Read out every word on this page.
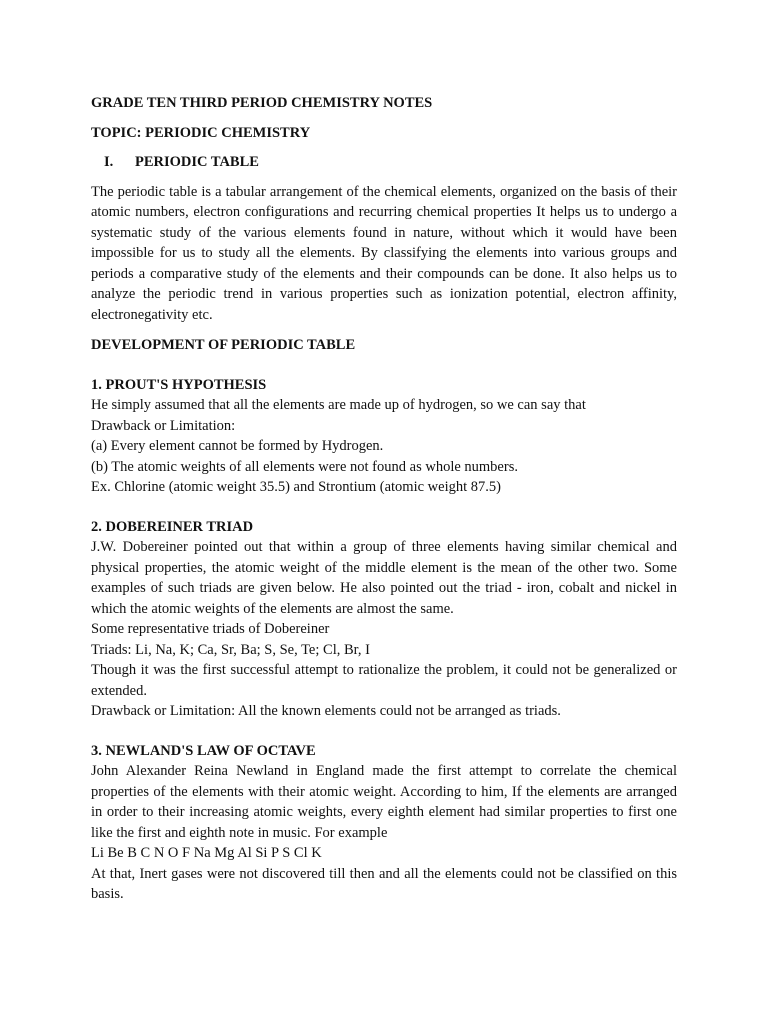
GRADE TEN THIRD PERIOD CHEMISTRY NOTES

TOPIC: PERIODIC CHEMISTRY

I.	PERIODIC TABLE

The periodic table is a tabular arrangement of the chemical elements, organized on the basis of their atomic numbers, electron configurations and recurring chemical properties It helps us to undergo a systematic study of the various elements found in nature, without which it would have been impossible for us to study all the elements. By classifying the elements into various groups and periods a comparative study of the elements and their compounds can be done. It also helps us to analyze the periodic trend in various properties such as ionization potential, electron affinity, electronegativity etc.

DEVELOPMENT OF PERIODIC TABLE

1. PROUT'S HYPOTHESIS

He simply assumed that all the elements are made up of hydrogen, so we can say that

Drawback or Limitation:

(a) Every element cannot be formed by Hydrogen.

(b) The atomic weights of all elements were not found as whole numbers.

Ex. Chlorine (atomic weight 35.5) and Strontium (atomic weight 87.5)

2. DOBEREINER TRIAD

J.W. Dobereiner pointed out that within a group of three elements having similar chemical and physical properties, the atomic weight of the middle element is the mean of the other two. Some examples of such triads are given below. He also pointed out the triad - iron, cobalt and nickel in which the atomic weights of the elements are almost the same.

Some representative triads of Dobereiner

Triads: Li, Na, K; Ca, Sr, Ba; S, Se, Te; Cl, Br, I

Though it was the first successful attempt to rationalize the problem, it could not be generalized or extended.

Drawback or Limitation: All the known elements could not be arranged as triads.

3. NEWLAND'S LAW OF OCTAVE

John Alexander Reina Newland in England made the first attempt to correlate the chemical properties of the elements with their atomic weight. According to him, If the elements are arranged in order to their increasing atomic weights, every eighth element had similar properties to first one like the first and eighth note in music. For example

Li Be B C N O F Na Mg Al Si P S Cl K

At that, Inert gases were not discovered till then and all the elements could not be classified on this basis.
